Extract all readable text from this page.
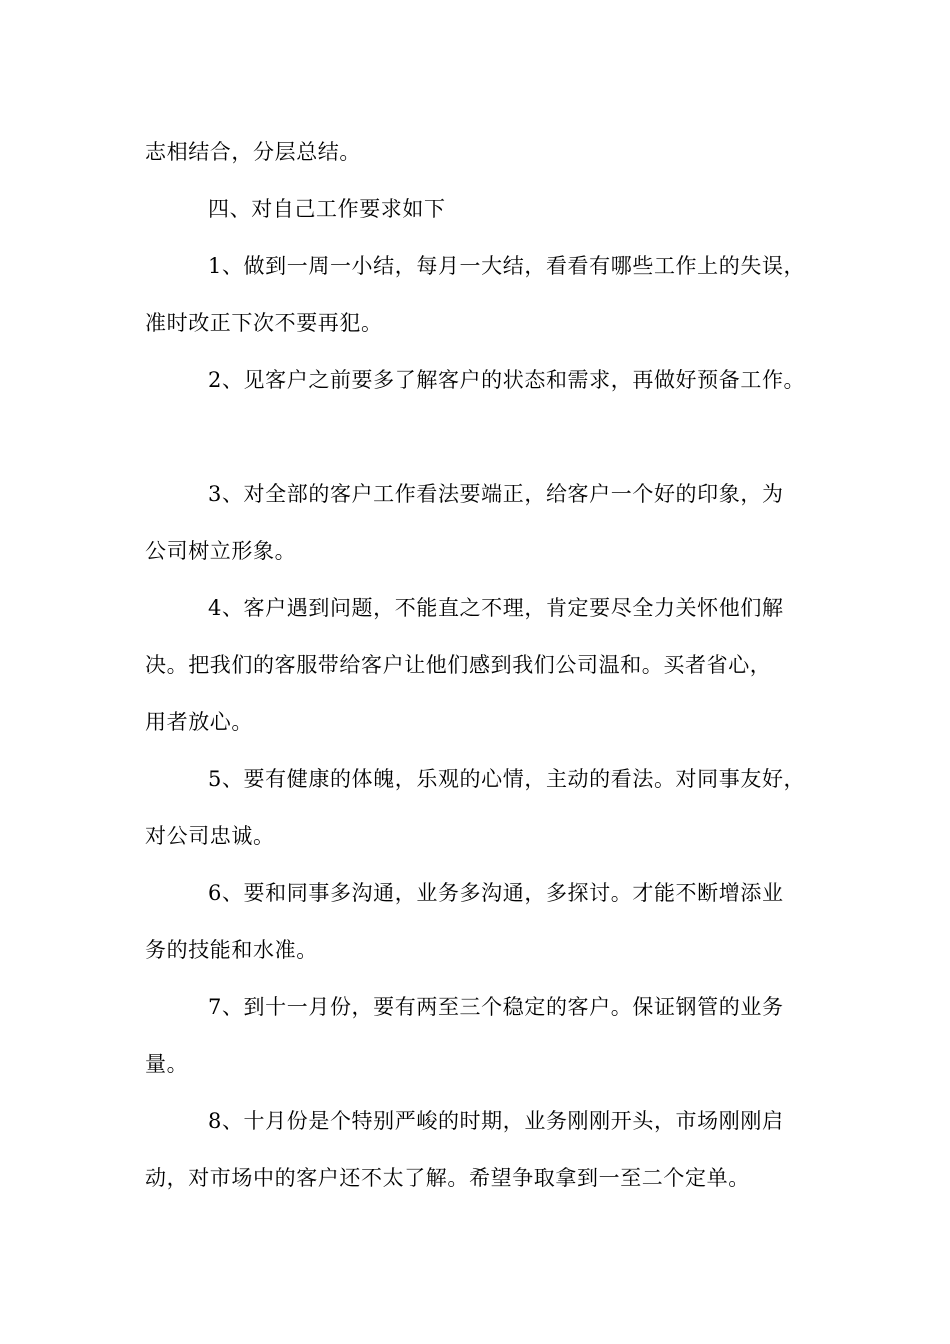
志相结合，分层总结。
四、对自己工作要求如下
1、做到一周一小结，每月一大结，看看有哪些工作上的失误，
准时改正下次不要再犯。
2、见客户之前要多了解客户的状态和需求，再做好预备工作。
3、对全部的客户工作看法要端正，给客户一个好的印象，为
公司树立形象。
4、客户遇到问题，不能直之不理，肯定要尽全力关怀他们解
决。把我们的客服带给客户让他们感到我们公司温和。买者省心，
用者放心。
5、要有健康的体魄，乐观的心情，主动的看法。对同事友好，
对公司忠诚。
6、要和同事多沟通，业务多沟通，多探讨。才能不断增添业
务的技能和水准。
7、到十一月份，要有两至三个稳定的客户。保证钢管的业务
量。
8、十月份是个特别严峻的时期，业务刚刚开头，市场刚刚启
动，对市场中的客户还不太了解。希望争取拿到一至二个定单。
